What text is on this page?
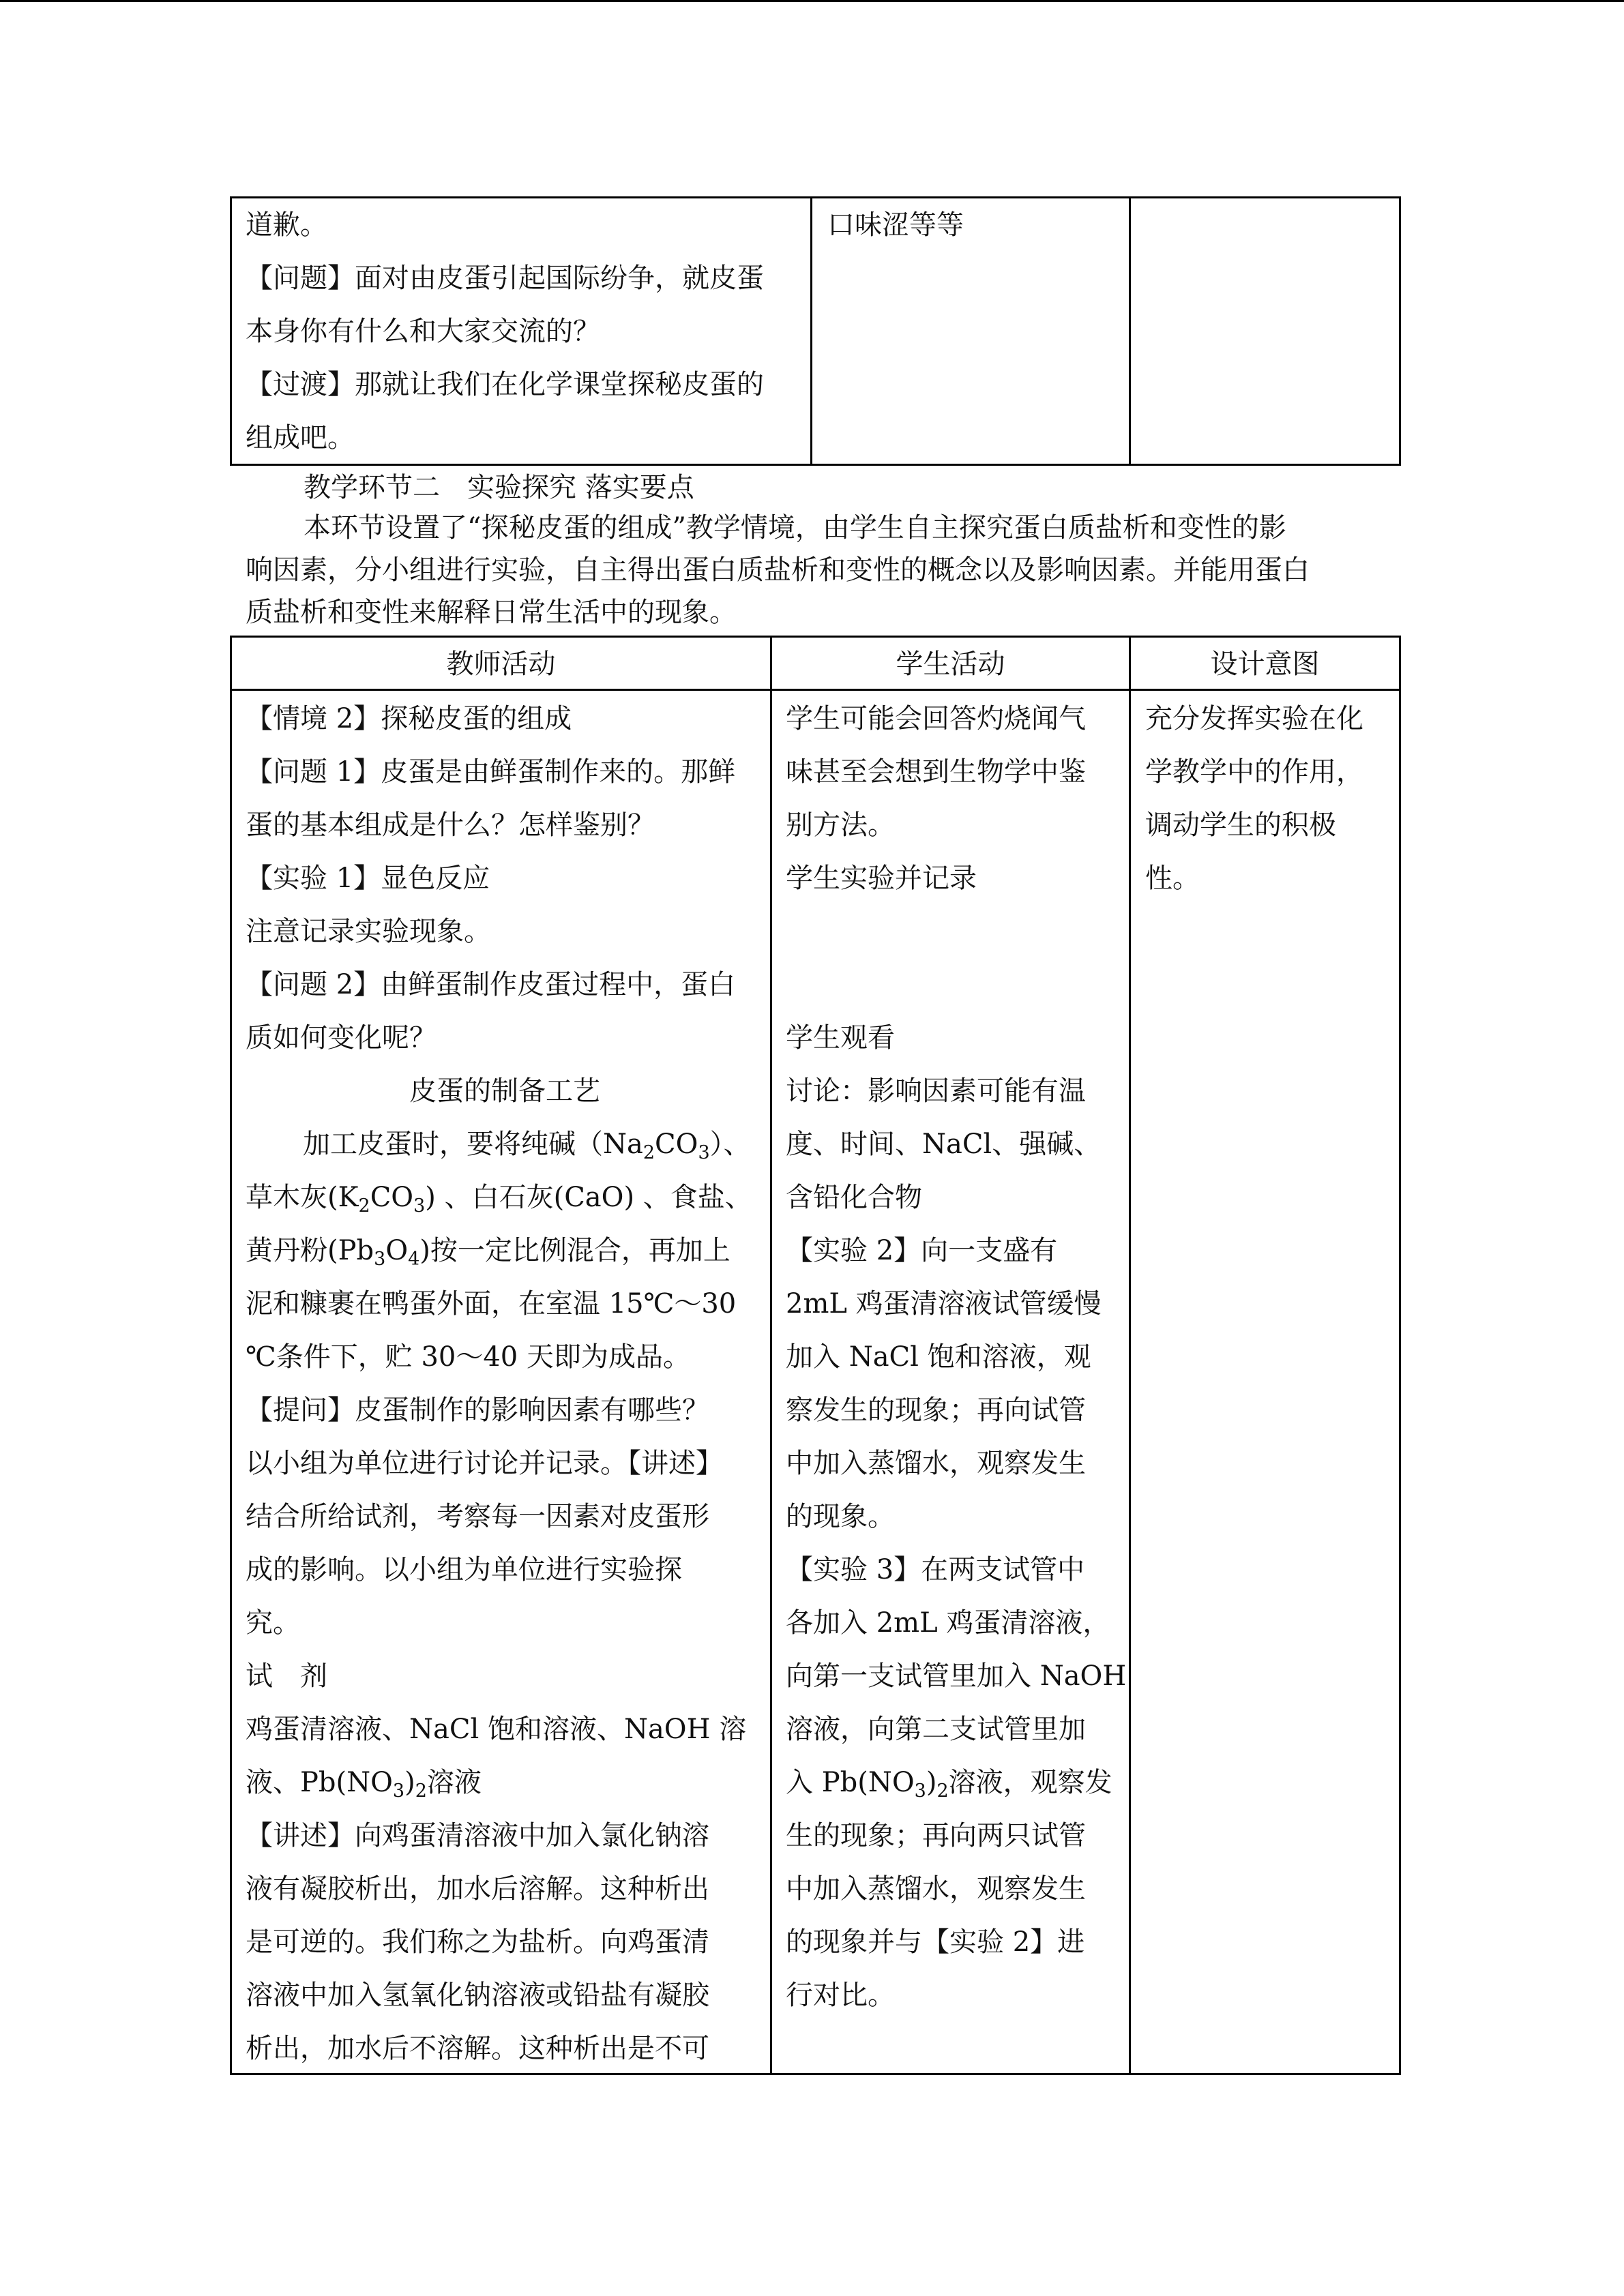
道歉。
【问题】面对由皮蛋引起国际纷争，就皮蛋
本身你有什么和大家交流的？
【过渡】那就让我们在化学课堂探秘皮蛋的
组成吧。
口味涩等等
教学环节二　实验探究 落实要点
本环节设置了“探秘皮蛋的组成”教学情境，由学生自主探究蛋白质盐析和变性的影
响因素，分小组进行实验，自主得出蛋白质盐析和变性的概念以及影响因素。并能用蛋白
质盐析和变性来解释日常生活中的现象。
教师活动	学生活动	设计意图
【情境 2】探秘皮蛋的组成
【问题 1】皮蛋是由鲜蛋制作来的。那鲜
蛋的基本组成是什么？怎样鉴别？
【实验 1】显色反应
注意记录实验现象。
【问题 2】由鲜蛋制作皮蛋过程中，蛋白
质如何变化呢？
皮蛋的制备工艺
加工皮蛋时，要将纯碱$(Na_2CO_3)$、
草木灰$(K_2CO_3)$ 、白石灰(CaO) 、食盐、
黄丹粉$(Pb_3O_4)$按一定比例混合，再加上
泥和糠裹在鸭蛋外面，在室温 15℃～30
℃条件下，贮 30～40 天即为成品。
【提问】皮蛋制作的影响因素有哪些？
以小组为单位进行讨论并记录。【讲述】
结合所给试剂，考察每一因素对皮蛋形
成的影响。以小组为单位进行实验探
究。
试　剂
鸡蛋清溶液、NaCl 饱和溶液、NaOH 溶
液、$Pb(NO_3)_2$溶液
【讲述】向鸡蛋清溶液中加入氯化钠溶
液有凝胶析出，加水后溶解。这种析出
是可逆的。我们称之为盐析。向鸡蛋清
溶液中加入氢氧化钠溶液或铅盐有凝胶
析出，加水后不溶解。这种析出是不可
学生可能会回答灼烧闻气
味甚至会想到生物学中鉴
别方法。
学生实验并记录
学生观看
讨论：影响因素可能有温
度、时间、NaCl、强碱、
含铅化合物
【实验 2】向一支盛有
2mL 鸡蛋清溶液试管缓慢
加入 NaCl 饱和溶液，观
察发生的现象；再向试管
中加入蒸馏水，观察发生
的现象。
【实验 3】在两支试管中
各加入 2mL 鸡蛋清溶液，
向第一支试管里加入 NaOH
溶液，向第二支试管里加
入 $Pb(NO_3)_2$溶液，观察发
生的现象；再向两只试管
中加入蒸馏水，观察发生
的现象并与【实验 2】进
行对比。
充分发挥实验在化
学教学中的作用，
调动学生的积极
性。
